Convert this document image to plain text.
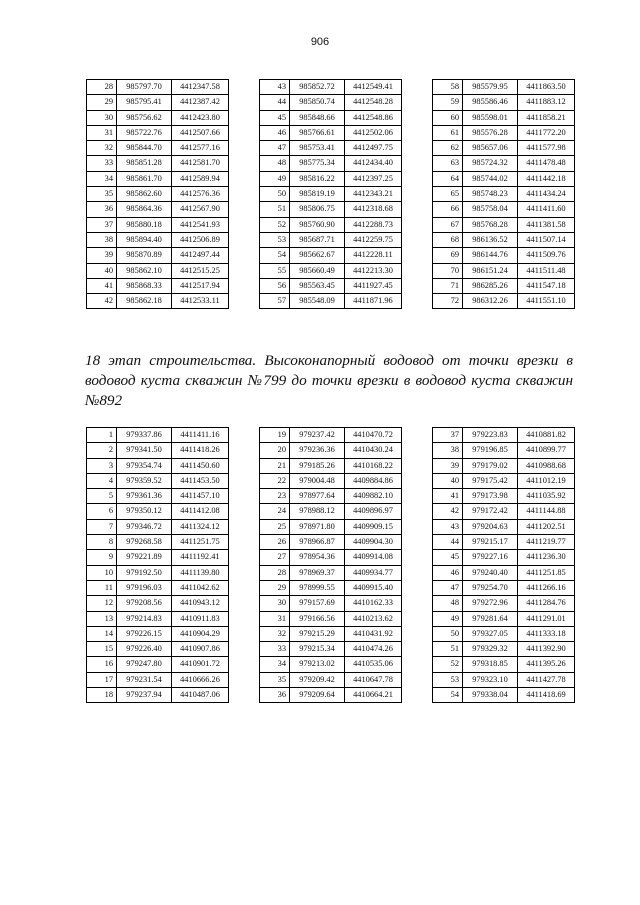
906
28	985797.70	4412347.58
29	985795.41	4412387.42
30	985756.62	4412423.80
31	985722.76	4412507.66
32	985844.70	4412577.16
33	985851.28	4412581.70
34	985861.70	4412589.94
35	985862.60	4412576.36
36	985864.36	4412567.90
37	985880.18	4412541.93
38	985894.40	4412506.89
39	985870.89	4412497.44
40	985862.10	4412515.25
41	985868.33	4412517.94
42	985862.18	4412533.11
43	985852.72	4412549.41
44	985850.74	4412548.28
45	985848.66	4412548.86
46	985766.61	4412502.06
47	985753.41	4412497.75
48	985775.34	4412434.40
49	985816.22	4412397.25
50	985819.19	4412343.21
51	985806.75	4412318.68
52	985760.90	4412288.73
53	985687.71	4412259.75
54	985662.67	4412228.11
55	985660.49	4412213.30
56	985563.45	4411927.45
57	985548.09	4411871.96
58	985579.95	4411863.50
59	985586.46	4411883.12
60	985598.01	4411858.21
61	985576.28	4411772.20
62	985657.06	4411577.98
63	985724.32	4411478.48
64	985744.02	4411442.18
65	985748.23	4411434.24
66	985758.04	4411411.60
67	985768.28	4411381.58
68	986136.52	4411507.14
69	986144.76	4411509.76
70	986151.24	4411511.48
71	986285.26	4411547.18
72	986312.26	4411551.10

18 этап строительства. Высоконапорный водовод от точки врезки в водовод куста скважин №799 до точки врезки в водовод куста скважин №892

1	979337.86	4411411.16
2	979341.50	4411418.26
3	979354.74	4411450.60
4	979359.52	4411453.50
5	979361.36	4411457.10
6	979350.12	4411412.08
7	979346.72	4411324.12
8	979268.58	4411251.75
9	979221.89	4411192.41
10	979192.50	4411139.80
11	979196.03	4411042.62
12	979208.56	4410943.12
13	979214.83	4410911.83
14	979226.15	4410904.29
15	979226.40	4410907.86
16	979247.80	4410901.72
17	979231.54	4410666.26
18	979237.94	4410487.06
19	979237.42	4410470.72
20	979236.36	4410430.24
21	979185.26	4410168.22
22	979004.48	4409884.86
23	978977.64	4409882.10
24	978988.12	4409896.97
25	978971.80	4409909.15
26	978966.87	4409904.30
27	978954.36	4409914.08
28	978969.37	4409934.77
29	978999.55	4409915.40
30	979157.69	4410162.33
31	979166.56	4410213.62
32	979215.29	4410431.92
33	979215.34	4410474.26
34	979213.02	4410535.06
35	979209.42	4410647.78
36	979209.64	4410664.21
37	979223.83	4410881.82
38	979196.85	4410899.77
39	979179.02	4410988.68
40	979175.42	4411012.19
41	979173.98	4411035.92
42	979172.42	4411144.88
43	979204.63	4411202.51
44	979215.17	4411219.77
45	979227.16	4411236.30
46	979240.40	4411251.85
47	979254.70	4411266.16
48	979272.96	4411284.76
49	979281.64	4411291.01
50	979327.05	4411333.18
51	979329.32	4411392.90
52	979318.85	4411395.26
53	979323.10	4411427.78
54	979338.04	4411418.69
